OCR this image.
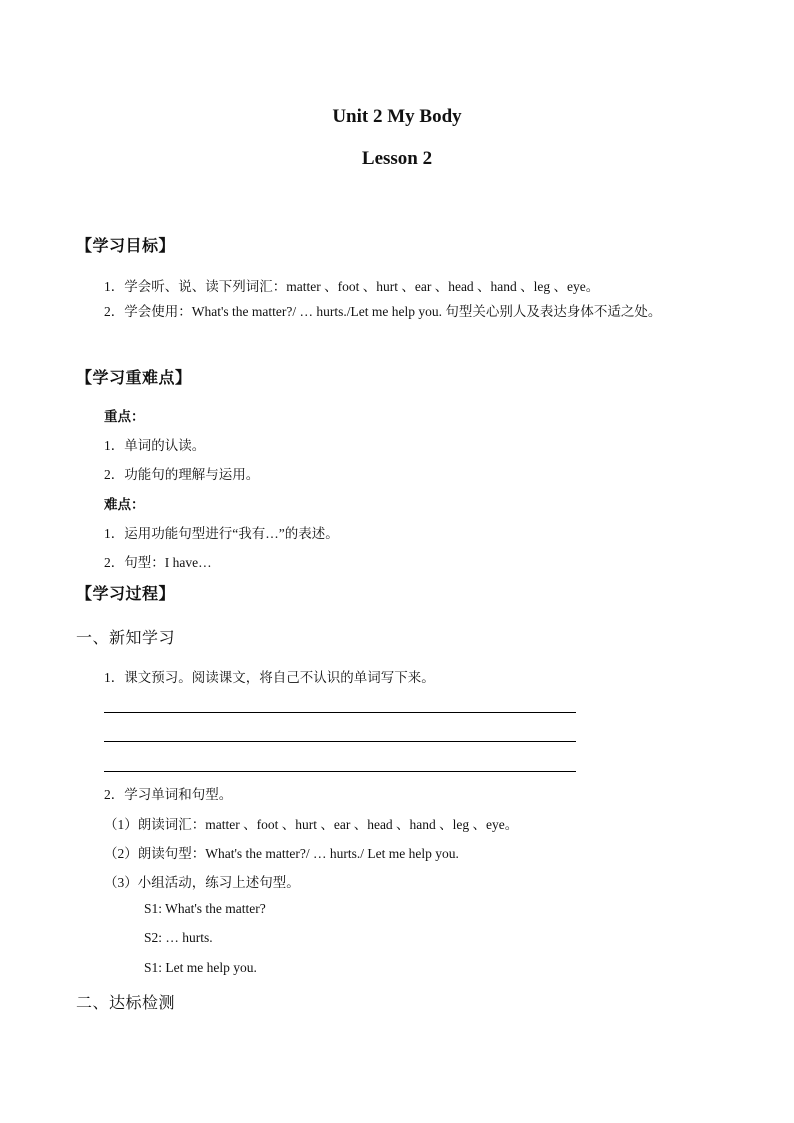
Unit 2 My Body
Lesson 2
【学习目标】
1．学会听、说、读下列词汇：matter 、foot 、hurt 、ear 、head 、hand 、leg 、eye。
2．学会使用：What's the matter?/ … hurts./Let me help you. 句型关心别人及表达身体不适之处。
【学习重难点】
重点：
1．单词的认读。
2．功能句的理解与运用。
难点：
1．运用功能句型进行“我有…”的表述。
2．句型：I have…
【学习过程】
一、新知学习
1．课文预习。阅读课文，将自己不认识的单词写下来。
2．学习单词和句型。
（1）朗读词汇：matter 、foot 、hurt 、ear 、head 、hand 、leg 、eye。
（2）朗读句型：What's the matter?/ … hurts./ Let me help you.
（3）小组活动，练习上述句型。
S1: What's the matter?
S2: … hurts.
S1: Let me help you.
二、达标检测
